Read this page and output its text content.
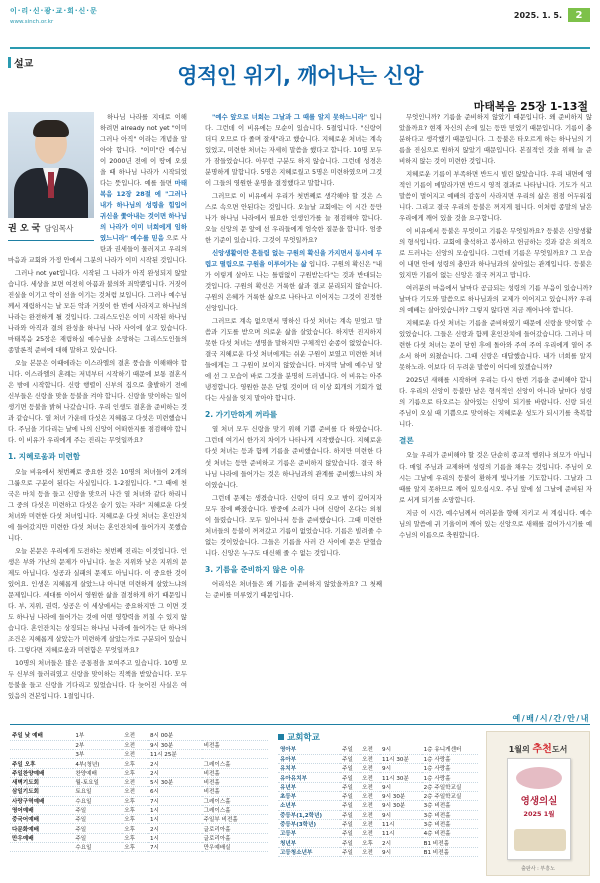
이·리·신·광·교·회·신·문
www.sinch.or.kr
2025. 1. 5.	2
설교	영적인 위기, 깨어나는 신앙
마태복음 25장 1-13절
권 오 국 담임목사

하나님 나라를 지대로 이해하려면 already not yet "이미 그러나 아직" 이라는 개념을 알아야 합니다. "이미"란 예수님이 2000년 전에 이 땅에 오셨을 때 하나님 나라가 시작되었다는 뜻입니다. 예를 들면 마태복음 12장 28절 에 "그러나 내가 하나님의 성령을 힘입어 귀신을 쫓아내는 것이면 하나님의 나라가 이미 너희에게 임하였느니라" 예수를 믿음 으로 사탄과 권세들이 물러지고 우리의 마음과 교회와 가정 안에서 그분의 나라가 이미 시작된 것입니다.

그러나 not yet입니다. 시작된 그 나라가 아직 완성되지 않았습니다. 세상을 보면 여전히 아픔과 불의와 죄악뿐입니다. 거짓이 진실을 이기고 악이 선을 이기는 것처럼 보입니다. 그러나 예수님께서 재림하시는 날 모든 악과 거짓이 한 번에 사라지고 하나님의 나라는 완전하게 될 것입니다. 그리스도인은 이미 시작된 하나님 나라와 아직과 결의 완성을 하나님 나라 사이에 살고 있습니다. 마태복음 25장은 재림하실 예수님을 소망하는 그리스도인들의 종말론적 준비에 대해 말하고 있습니다.

오늘 본문은 이때에라는 이스라엘의 결혼 풍습을 이해해야 합니다. 이스라엘의 혼례는 저녁부터 시작하기 때문에 보통 결혼식은 밤에 시작합니다. 신랑 행렬이 신부의 집으로 출발하기 전에 신부들은 신랑을 맞을 등불을 켜야 합니다. 신랑을 맞이하는 일이 생기면 등불을 밝혀 나갔습니다. 우리 인생도 결혼을 준비하는 것과 같습니다. 열 처녀 가운데 다섯은 지혜롭고 다섯은 미련했습니다. 주님을 기다리는 날에 나의 신앙이 어떠한지를 점검해야 합니다. 이 비유가 우리에게 주는 진리는 무엇일까요?

1. 지혜로움과 미련함

오늘 비유에서 첫번째로 중요한 것은 10명의 처녀들이 2개의 그룹으로 구분이 된다는 사실입니다. 1-2절입니다. "그 때에 천국은 마치 등을 들고 신랑을 맞으러 나간 열 처녀와 같다 하리니 그 중의 다섯은 미련하고 다섯은 슬기 있는 자라" 지혜로운 다섯 처녀와 미련한 다섯 처녀입니다. 지혜로운 다섯 처녀는 혼인잔치에 들어갔지만 미련한 다섯 처녀는 혼인잔치에 들어가지 못했습니다.

오늘 본문은 우리에게 도전하는 첫번째 진리는 이것입니다. 인생은 부와 가난의 문제가 아닙니다. 높은 지위와 낮은 지위의 문제도 아닙니다. 성공과 실패의 문제도 아닙니다. 이 중요한 것이 있어요. 인생은 지혜롭게 살았느냐 아니면 미련하게 살았느냐의 문제입니다. 세대를 이어서 영원한 삶을 결정하게 하기 때문입니다. 부, 지위, 권력, 성공은 이 세상에서는 중요하지만 그 이면 것도 하나님 나라에 들어가는 것에 어떤 영향력을 끼칠 수 있지 않습니다. 혼인잔치는 상징되는 하나님 나라에 들어가는 단 하나의 조건은 지혜롭게 살았는가 미련하게 살았는가로 구분되어 있습니다. 그렇다면 지혜로움과 미련함은 무엇일까요?

10명의 처녀들은 많은 공통점을 보여주고 있습니다. 10명 모두 신부의 들러리였고 신랑을 맞이하는 직책을 받았습니다. 모두 등불을 들고 신랑을 기다리고 있었습니다. 다 늦어진 사실은 여 있음의 견본입니다. 1절입니다.

"예수 앞으로 너희는 그날과 그 때를 알지 못하느니라" 입니다. 그런데 이 비유에는 모순이 있습니다. 5절입니다. "신랑이 더디 오므로 다 졸며 잘새"라고 했습니다. 지혜로운 처녀는 계속 있었고, 미련한 처녀는 자세히 말씀을 했다고 합니다. 10명 모두가 잠들었습니다. 아무런 구분도 하지 않습니다. 그런데 성경은 분명하게 말합니다. 5명은 지혜로웠고 5명은 미련하였으며 그것이 그들의 영원한 운명을 결정했다고 말합니다.

그러므로 이 비유에서 우리가 첫번째로 생각해야 할 것은 스스로 속으면 안된다는 것입니다. 오늘날 교회에는 이 시간 등만 나가 하나님 나라에서 필요한 인생인가를 늘 점검해야 합니다. 오늘 신앙의 문 앞에 선 우리들에게 엄숙한 질문을 합니다. 엄중한 기준이 있습니다. 그것이 무엇일까요?

신앙생활이란 흔들림 없는 구원의 확신을 가지면서 동시에 두렵고 떨림으로 구원을 이루어가는 삶 입니다. 구원의 확신은 "내가 이렇게 살아도 나는 틀림없이 구원받는다"는 것과 반대되는 것입니다. 구원의 확신은 거룩한 삶과 결코 분리되지 않습니다. 구원의 은혜가 거룩한 삶으로 나타나고 이어지는 그것이 진정한 신앙입니다.

그러므로 계속 없으면서 명하신 다섯 처녀는 계속 믿었고 말씀과 기도를 받으며 의로운 삶을 살았습니다. 하지만 진지하지 못한 다섯 처녀는 생명을 말하지만 구체적인 순종이 없었습니다. 결국 지혜로운 다섯 처녀에게는 쉬운 구원이 보였고 미련한 처녀들에게는 그 구원이 보이지 않았습니다. 마지막 날에 예수님 앞에 선 그 모습이 바로 그것을 분명히 드러냅니다. 이 비유는 아주 냉정합니다. 영원한 문은 닫힐 것이며 더 이상 회개의 기회가 없다는 사실을 잊지 말아야 합니다.

2. 가기만하게 꺼라를

열 처녀 모두 신랑을 맞기 위해 기쁨 준비를 다 하였습니다. 그런데 여기서 한가지 차이가 나타나게 시작했습니다. 지혜로운 다섯 처녀는 등과 함께 기름을 준비했습니다. 하지만 미련한 다섯 처녀는 등만 준비하고 기름은 준비하지 않았습니다. 결국 하나님 나라에 들어가는 것은 하나님과의 관계를 준비했느냐의 차이였습니다.

그런데 문제는 생겼습니다. 신랑이 더디 오고 밤이 깊어지자 모두 잠에 빠졌습니다. 밤중에 소리가 나며 신랑이 온다는 외침이 들렸습니다. 모두 일어나서 등을 준비했습니다. 그때 미련한 처녀들의 등불이 꺼져갔고 기름이 없었습니다. 기름은 빌려줄 수 없는 것이었습니다. 그들은 기름을 사러 간 사이에 문은 닫혔습니다. 신앙은 누구도 대신해 줄 수 없는 것입니다.

3. 기름을 준비하지 않은 이유

어리석은 처녀들은 왜 기름을 준비하지 않았을까요? 그 첫째는 준비를 미루었기 때문입니다.

무엇인니까? 기름을 준비하지 않았기 때문입니다. 왜 준비하지 않았을까요? 현재 자신의 손에 있는 등만 믿었기 때문입니다. 기름이 충분하다고 생각했기 때문입니다. 그 등불은 타오르게 하는 하나님의 기름을 진심으로 원하지 않았기 때문입니다. 본질적인 것을 위해 늘 준비하지 않는 것이 미련한 것입니다.

지혜로운 기름이 부족하면 반드시 빌린 않았습니다. 우리 내면에 영적인 기름이 메말라가면 반드시 영적 결과로 나타납니다. 기도가 식고 말씀이 멀어지고 예배의 감동이 사라지면 우리의 삶은 점점 어두워집니다. 그리고 결국 우리의 등불은 꺼지게 됩니다. 이처럼 종말의 날은 우리에게 깨어 있을 것을 요구합니다.

이 비유에서 등불은 무엇이고 기름은 무엇일까요? 등불은 신앙생활의 형식입니다. 교회에 출석하고 봉사하고 헌금하는 것과 같은 외적으로 드러나는 신앙의 모습입니다. 그런데 기름은 무엇일까요? 그 모습이 내면 안에 성령의 충만과 하나님과의 살아있는 관계입니다. 등불은 있지만 기름이 없는 신앙은 결국 꺼지고 맙니다.

여러분의 마음에서 날마다 공급되는 성령의 기름 부음이 있습니까? 날마다 기도와 말씀으로 하나님과의 교제가 이어지고 있습니까? 우리의 예배는 살아있습니까? 그렇지 않다면 지금 깨어나야 합니다.

지혜로운 다섯 처녀는 기름을 준비하였기 때문에 신랑을 맞이할 수 있었습니다. 그들은 신랑과 함께 혼인잔치에 들어갔습니다. 그러나 미련한 다섯 처녀는 문이 닫힌 후에 돌아와 주여 주여 우리에게 열어 주소서 하며 외쳤습니다. 그때 신랑은 대답했습니다. 내가 너희를 알지 못하노라. 이보다 더 두려운 말씀이 어디에 있겠습니까?

2025년 새해를 시작하며 우리는 다시 한번 기름을 준비해야 합니다. 우리의 신앙이 등불만 남은 형식적인 신앙이 아니라 날마다 성령의 기름으로 타오르는 살아있는 신앙이 되기를 바랍니다. 신랑 되신 주님이 오실 때 기쁨으로 맞이하는 지혜로운 성도가 되시기를 축복합니다.

결론

오늘 우리가 준비해야 할 것은 단순히 종교적 행위나 외모가 아닙니다. 매일 주님과 교제하며 성령의 기름을 채우는 것입니다. 주님이 오시는 그날에 우리의 등불이 환하게 빛나기를 기도합니다. 그날과 그 때를 알지 못하므로 깨어 있으십시오. 주님 앞에 설 그날에 준비된 자로 서게 되기를 소망합니다.

지금 이 시간, 예수님께서 여러분을 향해 지키고 서 계십니다. 예수님의 말씀에 귀 기울이며 깨어 있는 신앙으로 새해를 걸어가시기를 예수님의 이름으로 축원합니다.

예/배/시/간/안/내
주일 낮 예배	1부	오전	8시 00분	
	2부	오전	9시 30분	비전홀
	3부	오전	11시 25분	
주일 오후	4부(청년)	오후	2시	그레이스홀
주일찬양예배	찬양예배	오후	2시	비전홀
새벽기도회	월-토요일	오전	5시 30분	비전홀
삼일기도회	토요일	오전	6시	비전홀
사랑구역예배	수요일	오후	7시	그레이스홀
영어예배	주일	오후	1시	그레이스홀
중국어예배	주일	오후	1시	주일부 비전홀
다문화예배	주일	오후	2시	글로리아홀
만우예배	주일	오후	1시	글로리아홀
	수요일	오후	7시	만우예배실
교회학교
영아부	주일	오전	9시	1층 유니게센터
유아부	주일	오전	11시 30분	1층 사랑홀
유치부	주일	오전	9시	1층 사랑홀
유아유치부	주일	오전	11시 30분	1층 사랑홀
유년부	주일	오전	9시	2층 주일학교실
초등부	주일	오전	9시 30분	2층 주일학교실
소년부	주일	오전	9시 30분	3층 비전홀
중등부(1,2학년)	주일	오전	9시	3층 비전홀
중등부(3학년)	주일	오전	11시	3층 비전홀
고등부	주일	오전	11시	4층 비전홀
청년부	주일	오후	2시	B1 비전홀
고등청소년부	주일	오전	9시	B1 비전홀
1월의 추천도서
영생의실
2025 1월
출판사 : 부흥노
